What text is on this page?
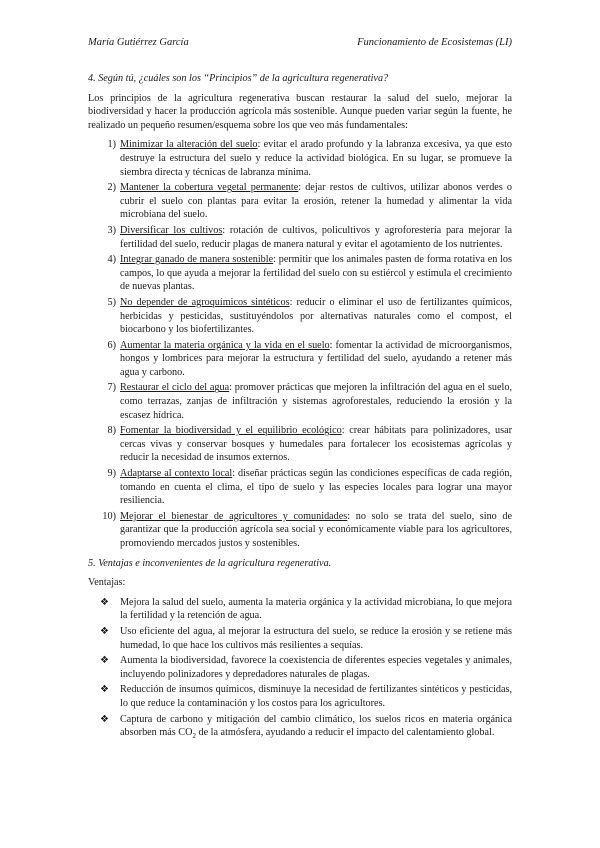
María Gutiérrez García	Funcionamiento de Ecosistemas (LI)

4. Según tú, ¿cuáles son los “Principios” de la agricultura regenerativa?

Los principios de la agricultura regenerativa buscan restaurar la salud del suelo, mejorar la biodiversidad y hacer la producción agrícola más sostenible. Aunque pueden variar según la fuente, he realizado un pequeño resumen/esquema sobre los que veo más fundamentales:

1) Minimizar la alteración del suelo: evitar el arado profundo y la labranza excesiva, ya que esto destruye la estructura del suelo y reduce la actividad biológica. En su lugar, se promueve la siembra directa y técnicas de labranza mínima.
2) Mantener la cobertura vegetal permanente: dejar restos de cultivos, utilizar abonos verdes o cubrir el suelo con plantas para evitar la erosión, retener la humedad y alimentar la vida microbiana del suelo.
3) Diversificar los cultivos: rotación de cultivos, policultivos y agroforestería para mejorar la fertilidad del suelo, reducir plagas de manera natural y evitar el agotamiento de los nutrientes.
4) Integrar ganado de manera sostenible: permitir que los animales pasten de forma rotativa en los campos, lo que ayuda a mejorar la fertilidad del suelo con su estiércol y estimula el crecimiento de nuevas plantas.
5) No depender de agroquímicos sintéticos: reducir o eliminar el uso de fertilizantes químicos, herbicidas y pesticidas, sustituyéndolos por alternativas naturales como el compost, el biocarbono y los biofertilizantes.
6) Aumentar la materia orgánica y la vida en el suelo: fomentar la actividad de microorganismos, hongos y lombrices para mejorar la estructura y fertilidad del suelo, ayudando a retener más agua y carbono.
7) Restaurar el ciclo del agua: promover prácticas que mejoren la infiltración del agua en el suelo, como terrazas, zanjas de infiltración y sistemas agroforestales, reduciendo la erosión y la escasez hídrica.
8) Fomentar la biodiversidad y el equilibrio ecológico: crear hábitats para polinizadores, usar cercas vivas y conservar bosques y humedales para fortalecer los ecosistemas agrícolas y reducir la necesidad de insumos externos.
9) Adaptarse al contexto local: diseñar prácticas según las condiciones específicas de cada región, tomando en cuenta el clima, el tipo de suelo y las especies locales para lograr una mayor resiliencia.
10) Mejorar el bienestar de agricultores y comunidades: no solo se trata del suelo, sino de garantizar que la producción agrícola sea social y económicamente viable para los agricultores, promoviendo mercados justos y sostenibles.

5. Ventajas e inconvenientes de la agricultura regenerativa.

Ventajas:

❖ Mejora la salud del suelo, aumenta la materia orgánica y la actividad microbiana, lo que mejora la fertilidad y la retención de agua.
❖ Uso eficiente del agua, al mejorar la estructura del suelo, se reduce la erosión y se retiene más humedad, lo que hace los cultivos más resilientes a sequías.
❖ Aumenta la biodiversidad, favorece la coexistencia de diferentes especies vegetales y animales, incluyendo polinizadores y depredadores naturales de plagas.
❖ Reducción de insumos químicos, disminuye la necesidad de fertilizantes sintéticos y pesticidas, lo que reduce la contaminación y los costos para los agricultores.
❖ Captura de carbono y mitigación del cambio climático, los suelos ricos en materia orgánica absorben más $CO_2$ de la atmósfera, ayudando a reducir el impacto del calentamiento global.
